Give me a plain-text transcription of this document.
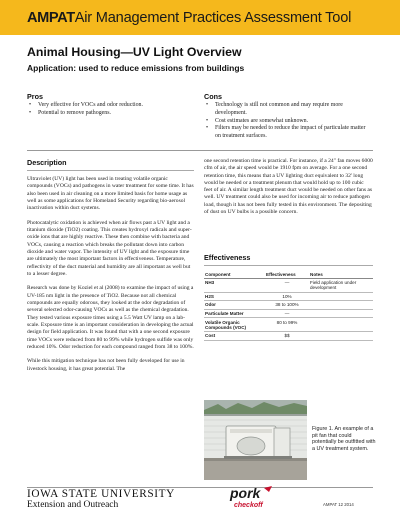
AMPATAir Management Practices Assessment Tool
Animal Housing—UV Light Overview
Application: used to reduce emissions from buildings
Pros
• Very effective for VOCs and odor reduction.
• Potential to remove pathogens.
Cons
• Technology is still not common and may require more development.
• Cost estimates are somewhat unknown.
• Filters may be needed to reduce the impact of particulate matter on treatment surfaces.
Description

Ultraviolet (UV) light has been used in treating volatile organic compounds (VOCs) and pathogens in water treatment for some time. It has also been used in air cleaning on a more limited basis for home usage as well as some applications for Homeland Security regarding bio-aerosol inactivation within duct systems.

Photocatalytic oxidation is achieved when air flows past a UV light and a titanium dioxide (TiO2) coating. This creates hydroxyl radicals and super-oxide ions that are highly reactive. These then combine with bacteria and VOCs, causing a reaction which breaks the pollutant down into carbon dioxide and water vapor. The intensity of UV light and the exposure time are ultimately the most important factors in effectiveness. Temperature, reflectivity of the duct material and humidity are all important as well but to a lesser degree.

Research was done by Koziel et al (2008) to examine the impact of using a UV-185 nm light in the presence of TiO2. Because not all chemical compounds are equally odorous, they looked at the odor degradation of several selected odor-causing VOCs as well as the chemical degradation. They tested various exposure times using a 5.5 Watt UV lamp on a lab-scale. Exposure time is an important consideration in developing the actual design for field application. It was found that with a one second exposure time VOCs were reduced from 80 to 99% while hydrogen sulfide was only reduced 10%. Odor reduction for each compound ranged from 38 to 100%.

While this mitigation technique has not been fully developed for use in livestock housing, it has great potential. The

one second retention time is practical. For instance, if a 24" fan moves 6000 cfm of air, the air speed would be 1910 fpm on average. For a one second retention time, this means that a UV lighting duct equivalent to 32' long would be needed or a treatment plenum that would hold up to 100 cubic feet of air. A similar length treatment duct would be needed on other fans as well. UV treatment could also be used for incoming air to reduce pathogen load, though it has not been fully tested in this environment. The depositing of dust on UV bulbs is a possible concern.

Effectiveness
Component	Effectiveness	Notes
NH3	—	Field application under development
H2S	10%	
Odor	38 to 100%	
Particulate Matter	—	
Volatile Organic Compounds (VOC)	80 to 99%	
Cost	$$	
Figure 1. An example of a pit fan that could potentially be outfitted with a UV treatment system.
IOWA STATE UNIVERSITY
Extension and Outreach
pork
checkoff	AMPAT 12 2014
